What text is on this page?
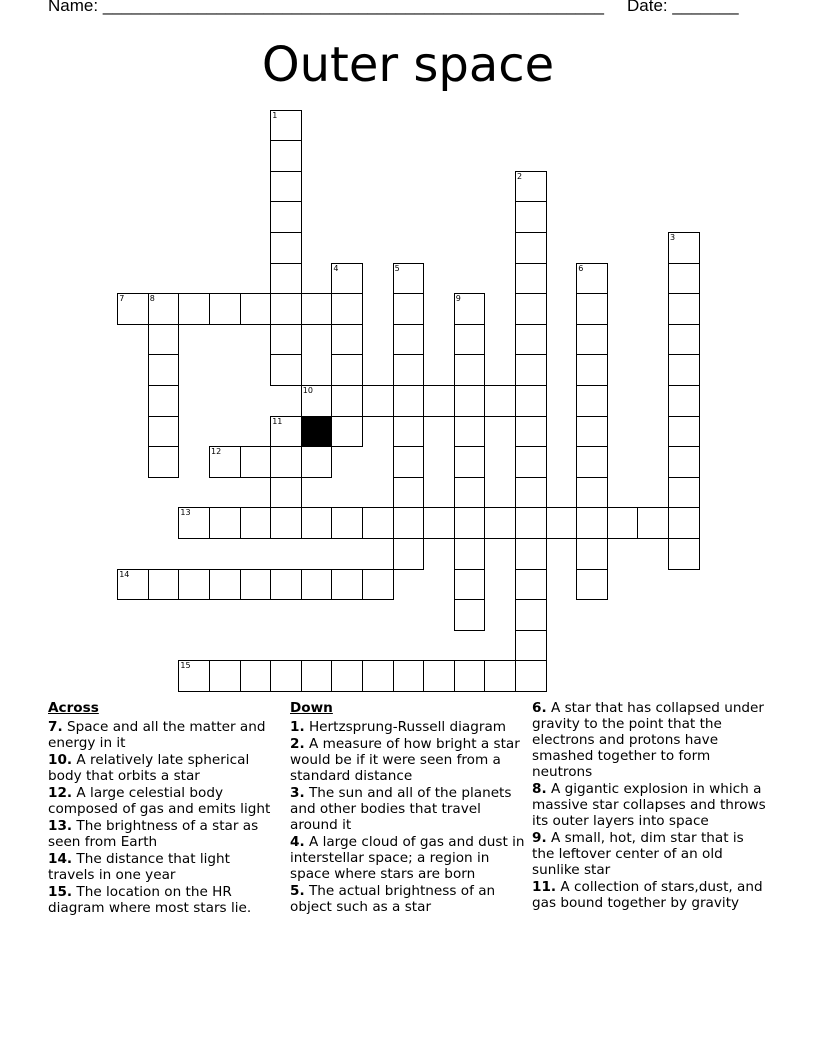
Name: _____________________________________________________ Date: _______
Outer space
1
2
3
4	5	6
7	8	9
10
11
12
13
14
15
Across
7. Space and all the matter and energy in it
10. A relatively late spherical body that orbits a star
12. A large celestial body composed of gas and emits light
13. The brightness of a star as seen from Earth
14. The distance that light travels in one year
15. The location on the HR diagram where most stars lie.
Down
1. Hertzsprung-Russell diagram
2. A measure of how bright a star would be if it were seen from a standard distance
3. The sun and all of the planets and other bodies that travel around it
4. A large cloud of gas and dust in interstellar space; a region in space where stars are born
5. The actual brightness of an object such as a star
6. A star that has collapsed under gravity to the point that the electrons and protons have smashed together to form neutrons
8. A gigantic explosion in which a massive star collapses and throws its outer layers into space
9. A small, hot, dim star that is the leftover center of an old sunlike star
11. A collection of stars,dust, and gas bound together by gravity
